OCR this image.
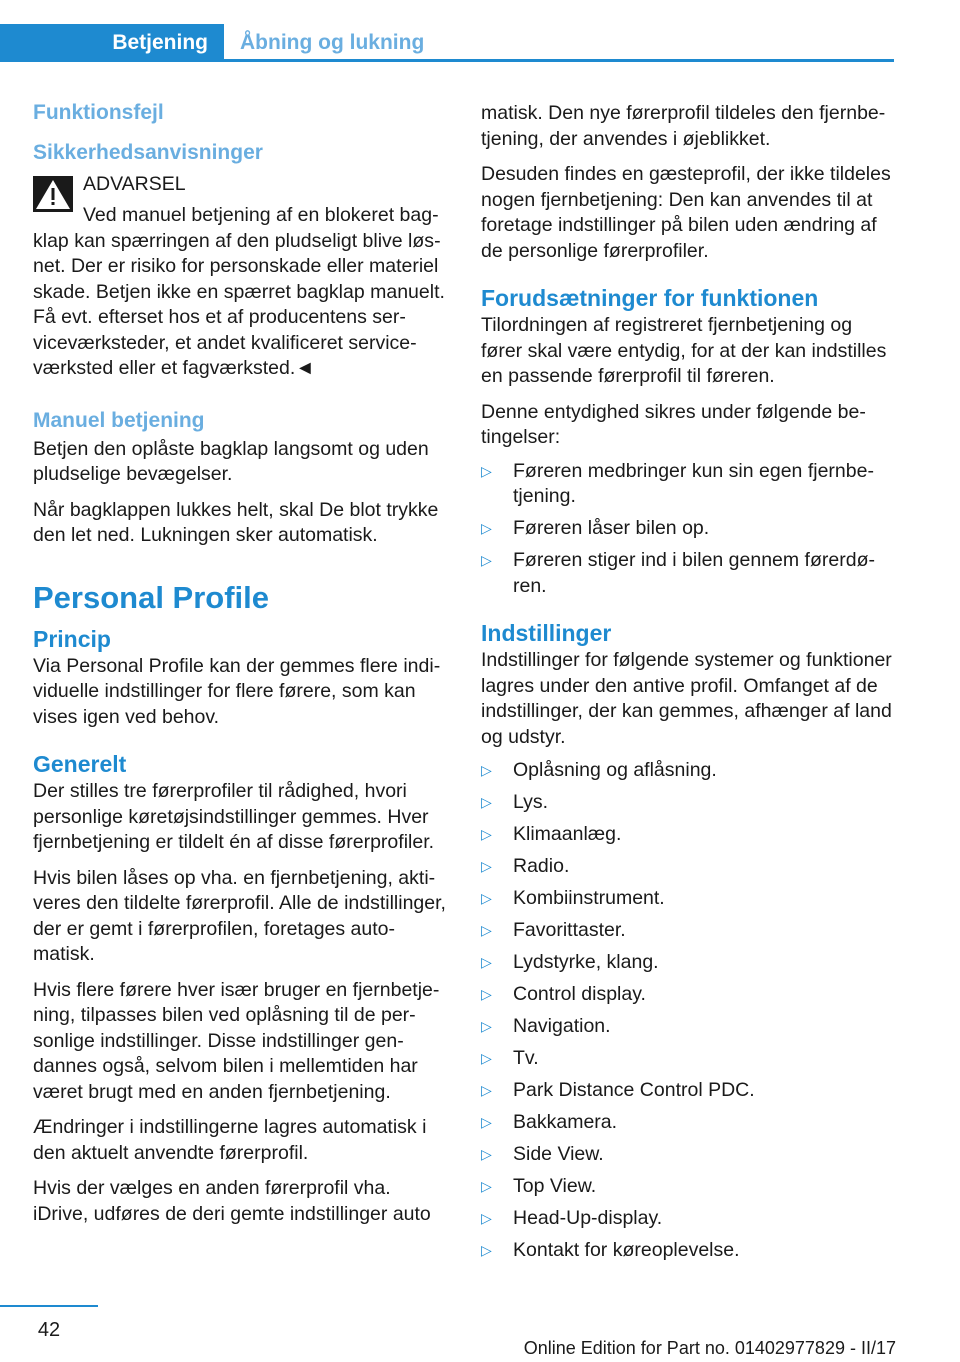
Betjening	Åbning og lukning
Funktionsfejl
Sikkerhedsanvisninger
ADVARSEL

Ved manuel betjening af en blokeret bagklap kan spærringen af den pludseligt blive løsnet. Der er risiko for personskade eller materiel skade. Betjen ikke en spærret bagklap manuelt. Få evt. efterset hos et af producentens serviceværksteder, et andet kvalificeret serviceværksted eller et fagværksted.◄

Manuel betjening

Betjen den oplåste bagklap langsomt og uden pludselige bevægelser.

Når bagklappen lukkes helt, skal De blot trykke den let ned. Lukningen sker automatisk.

Personal Profile
Princip

Via Personal Profile kan der gemmes flere individuelle indstillinger for flere førere, som kan vises igen ved behov.

Generelt

Der stilles tre førerprofiler til rådighed, hvori personlige køretøjsindstillinger gemmes. Hver fjernbetjening er tildelt én af disse førerprofiler.

Hvis bilen låses op vha. en fjernbetjening, aktiveres den tildelte førerprofil. Alle de indstillinger, der er gemt i førerprofilen, foretages automatisk.

Hvis flere førere hver især bruger en fjernbetjening, tilpasses bilen ved oplåsning til de personlige indstillinger. Disse indstillinger gendannes også, selvom bilen i mellemtiden har været brugt med en anden fjernbetjening.

Ændringer i indstillingerne lagres automatisk i den aktuelt anvendte førerprofil.

Hvis der vælges en anden førerprofil vha. iDrive, udføres de deri gemte indstillinger auto

matisk. Den nye førerprofil tildeles den fjernbetjening, der anvendes i øjeblikket.

Desuden findes en gæsteprofil, der ikke tildeles nogen fjernbetjening: Den kan anvendes til at foretage indstillinger på bilen uden ændring af de personlige førerprofiler.

Forudsætninger for funktionen

Tilordningen af registreret fjernbetjening og fører skal være entydig, for at der kan indstilles en passende førerprofil til føreren.

Denne entydighed sikres under følgende betingelser:

▷ Føreren medbringer kun sin egen fjernbetjening.
▷ Føreren låser bilen op.
▷ Føreren stiger ind i bilen gennem førerdøren.
Indstillinger

Indstillinger for følgende systemer og funktioner lagres under den antive profil. Omfanget af de indstillinger, der kan gemmes, afhænger af land og udstyr.

▷ Oplåsning og aflåsning.
▷ Lys.
▷ Klimaanlæg.
▷ Radio.
▷ Kombiinstrument.
▷ Favorittaster.
▷ Lydstyrke, klang.
▷ Control display.
▷ Navigation.
▷ Tv.
▷ Park Distance Control PDC.
▷ Bakkamera.
▷ Side View.
▷ Top View.
▷ Head-Up-display.
▷ Kontakt for køreoplevelse.
42
Online Edition for Part no. 01402977829 - II/17
